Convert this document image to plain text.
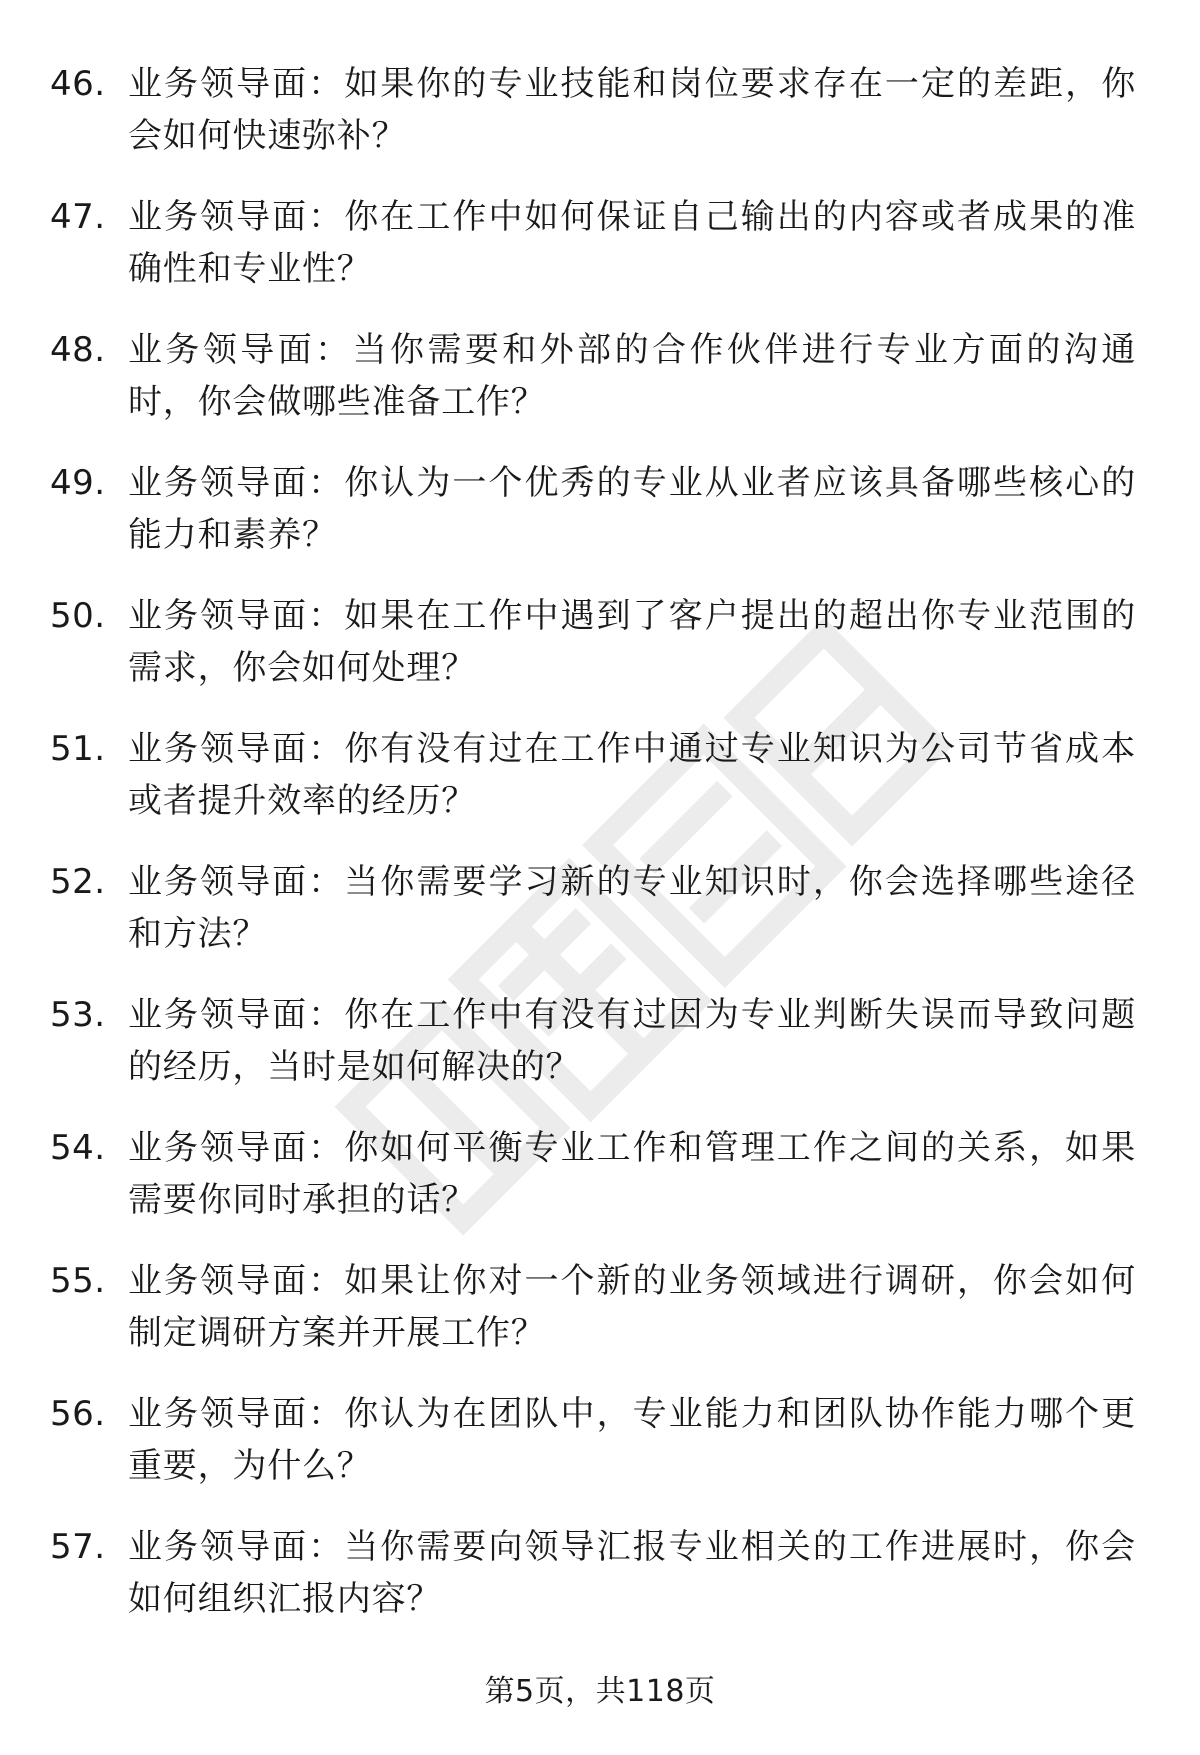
46. 业务领导面：如果你的专业技能和岗位要求存在一定的差距，你会如何快速弥补？
47. 业务领导面：你在工作中如何保证自己输出的内容或者成果的准确性和专业性？
48. 业务领导面：当你需要和外部的合作伙伴进行专业方面的沟通时，你会做哪些准备工作？
49. 业务领导面：你认为一个优秀的专业从业者应该具备哪些核心的能力和素养？
50. 业务领导面：如果在工作中遇到了客户提出的超出你专业范围的需求，你会如何处理？
51. 业务领导面：你有没有过在工作中通过专业知识为公司节省成本或者提升效率的经历？
52. 业务领导面：当你需要学习新的专业知识时，你会选择哪些途径和方法？
53. 业务领导面：你在工作中有没有过因为专业判断失误而导致问题的经历，当时是如何解决的？
54. 业务领导面：你如何平衡专业工作和管理工作之间的关系，如果需要你同时承担的话？
55. 业务领导面：如果让你对一个新的业务领域进行调研，你会如何制定调研方案并开展工作？
56. 业务领导面：你认为在团队中，专业能力和团队协作能力哪个更重要，为什么？
57. 业务领导面：当你需要向领导汇报专业相关的工作进展时，你会如何组织汇报内容？
第5页，共118页
